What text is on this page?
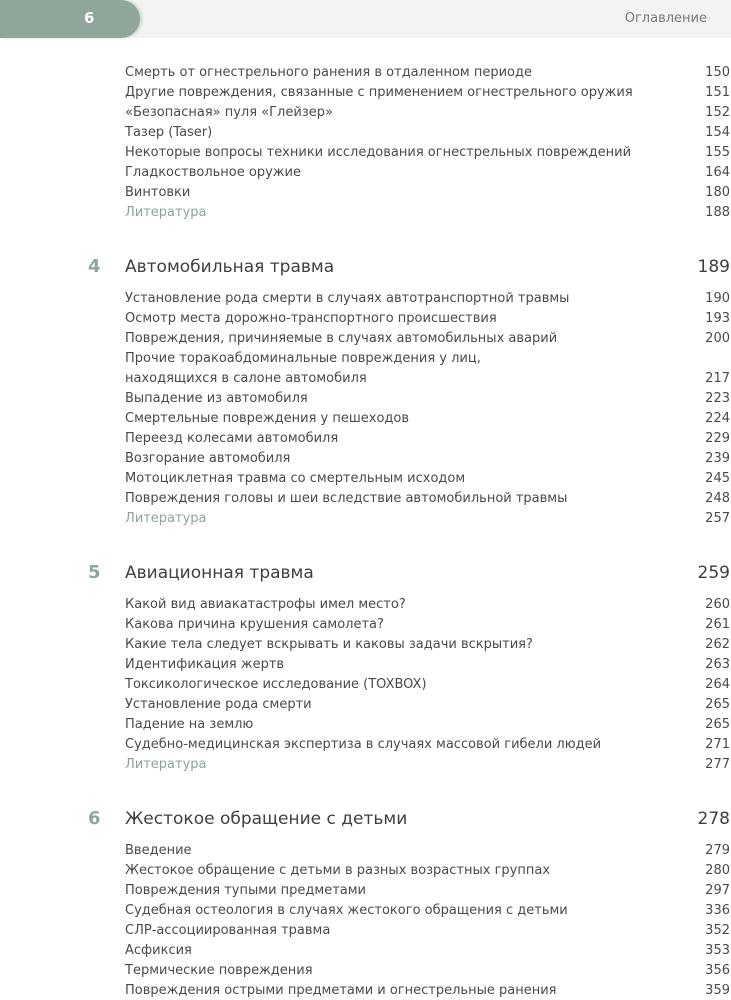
6	Оглавление
Смерть от огнестрельного ранения в отдаленном периоде	150
Другие повреждения, связанные с применением огнестрельного оружия	151
«Безопасная» пуля «Глейзер»	152
Тазер (Taser)	154
Некоторые вопросы техники исследования огнестрельных повреждений	155
Гладкоствольное оружие	164
Винтовки	180
Литература	188
4 Автомобильная травма	189
Установление рода смерти в случаях автотранспортной травмы	190
Осмотр места дорожно-транспортного происшествия	193
Повреждения, причиняемые в случаях автомобильных аварий	200
Прочие торакоабдоминальные повреждения у лиц,
находящихся в салоне автомобиля	217
Выпадение из автомобиля	223
Смертельные повреждения у пешеходов	224
Переезд колесами автомобиля	229
Возгорание автомобиля	239
Мотоциклетная травма со смертельным исходом	245
Повреждения головы и шеи вследствие автомобильной травмы	248
Литература	257
5 Авиационная травма	259
Какой вид авиакатастрофы имел место?	260
Какова причина крушения самолета?	261
Какие тела следует вскрывать и каковы задачи вскрытия?	262
Идентификация жертв	263
Токсикологическое исследование (TOXBOX)	264
Установление рода смерти	265
Падение на землю	265
Судебно-медицинская экспертиза в случаях массовой гибели людей	271
Литература	277
6 Жестокое обращение с детьми	278
Введение	279
Жестокое обращение с детьми в разных возрастных группах	280
Повреждения тупыми предметами	297
Судебная остеология в случаях жестокого обращения с детьми	336
СЛР-ассоциированная травма	352
Асфиксия	353
Термические повреждения	356
Повреждения острыми предметами и огнестрельные ранения	359
